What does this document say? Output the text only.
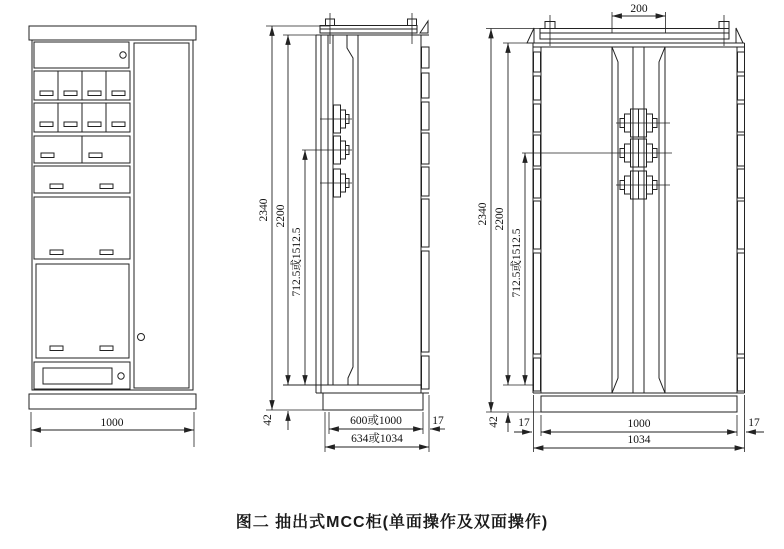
1000
2340 2200
712.5或1512.5
42	600或1000	17
634或1034
200
2340 2200
712.5或1512.5
42 17	1000
1034
17
图二 抽出式MCC柜(单面操作及双面操作)
